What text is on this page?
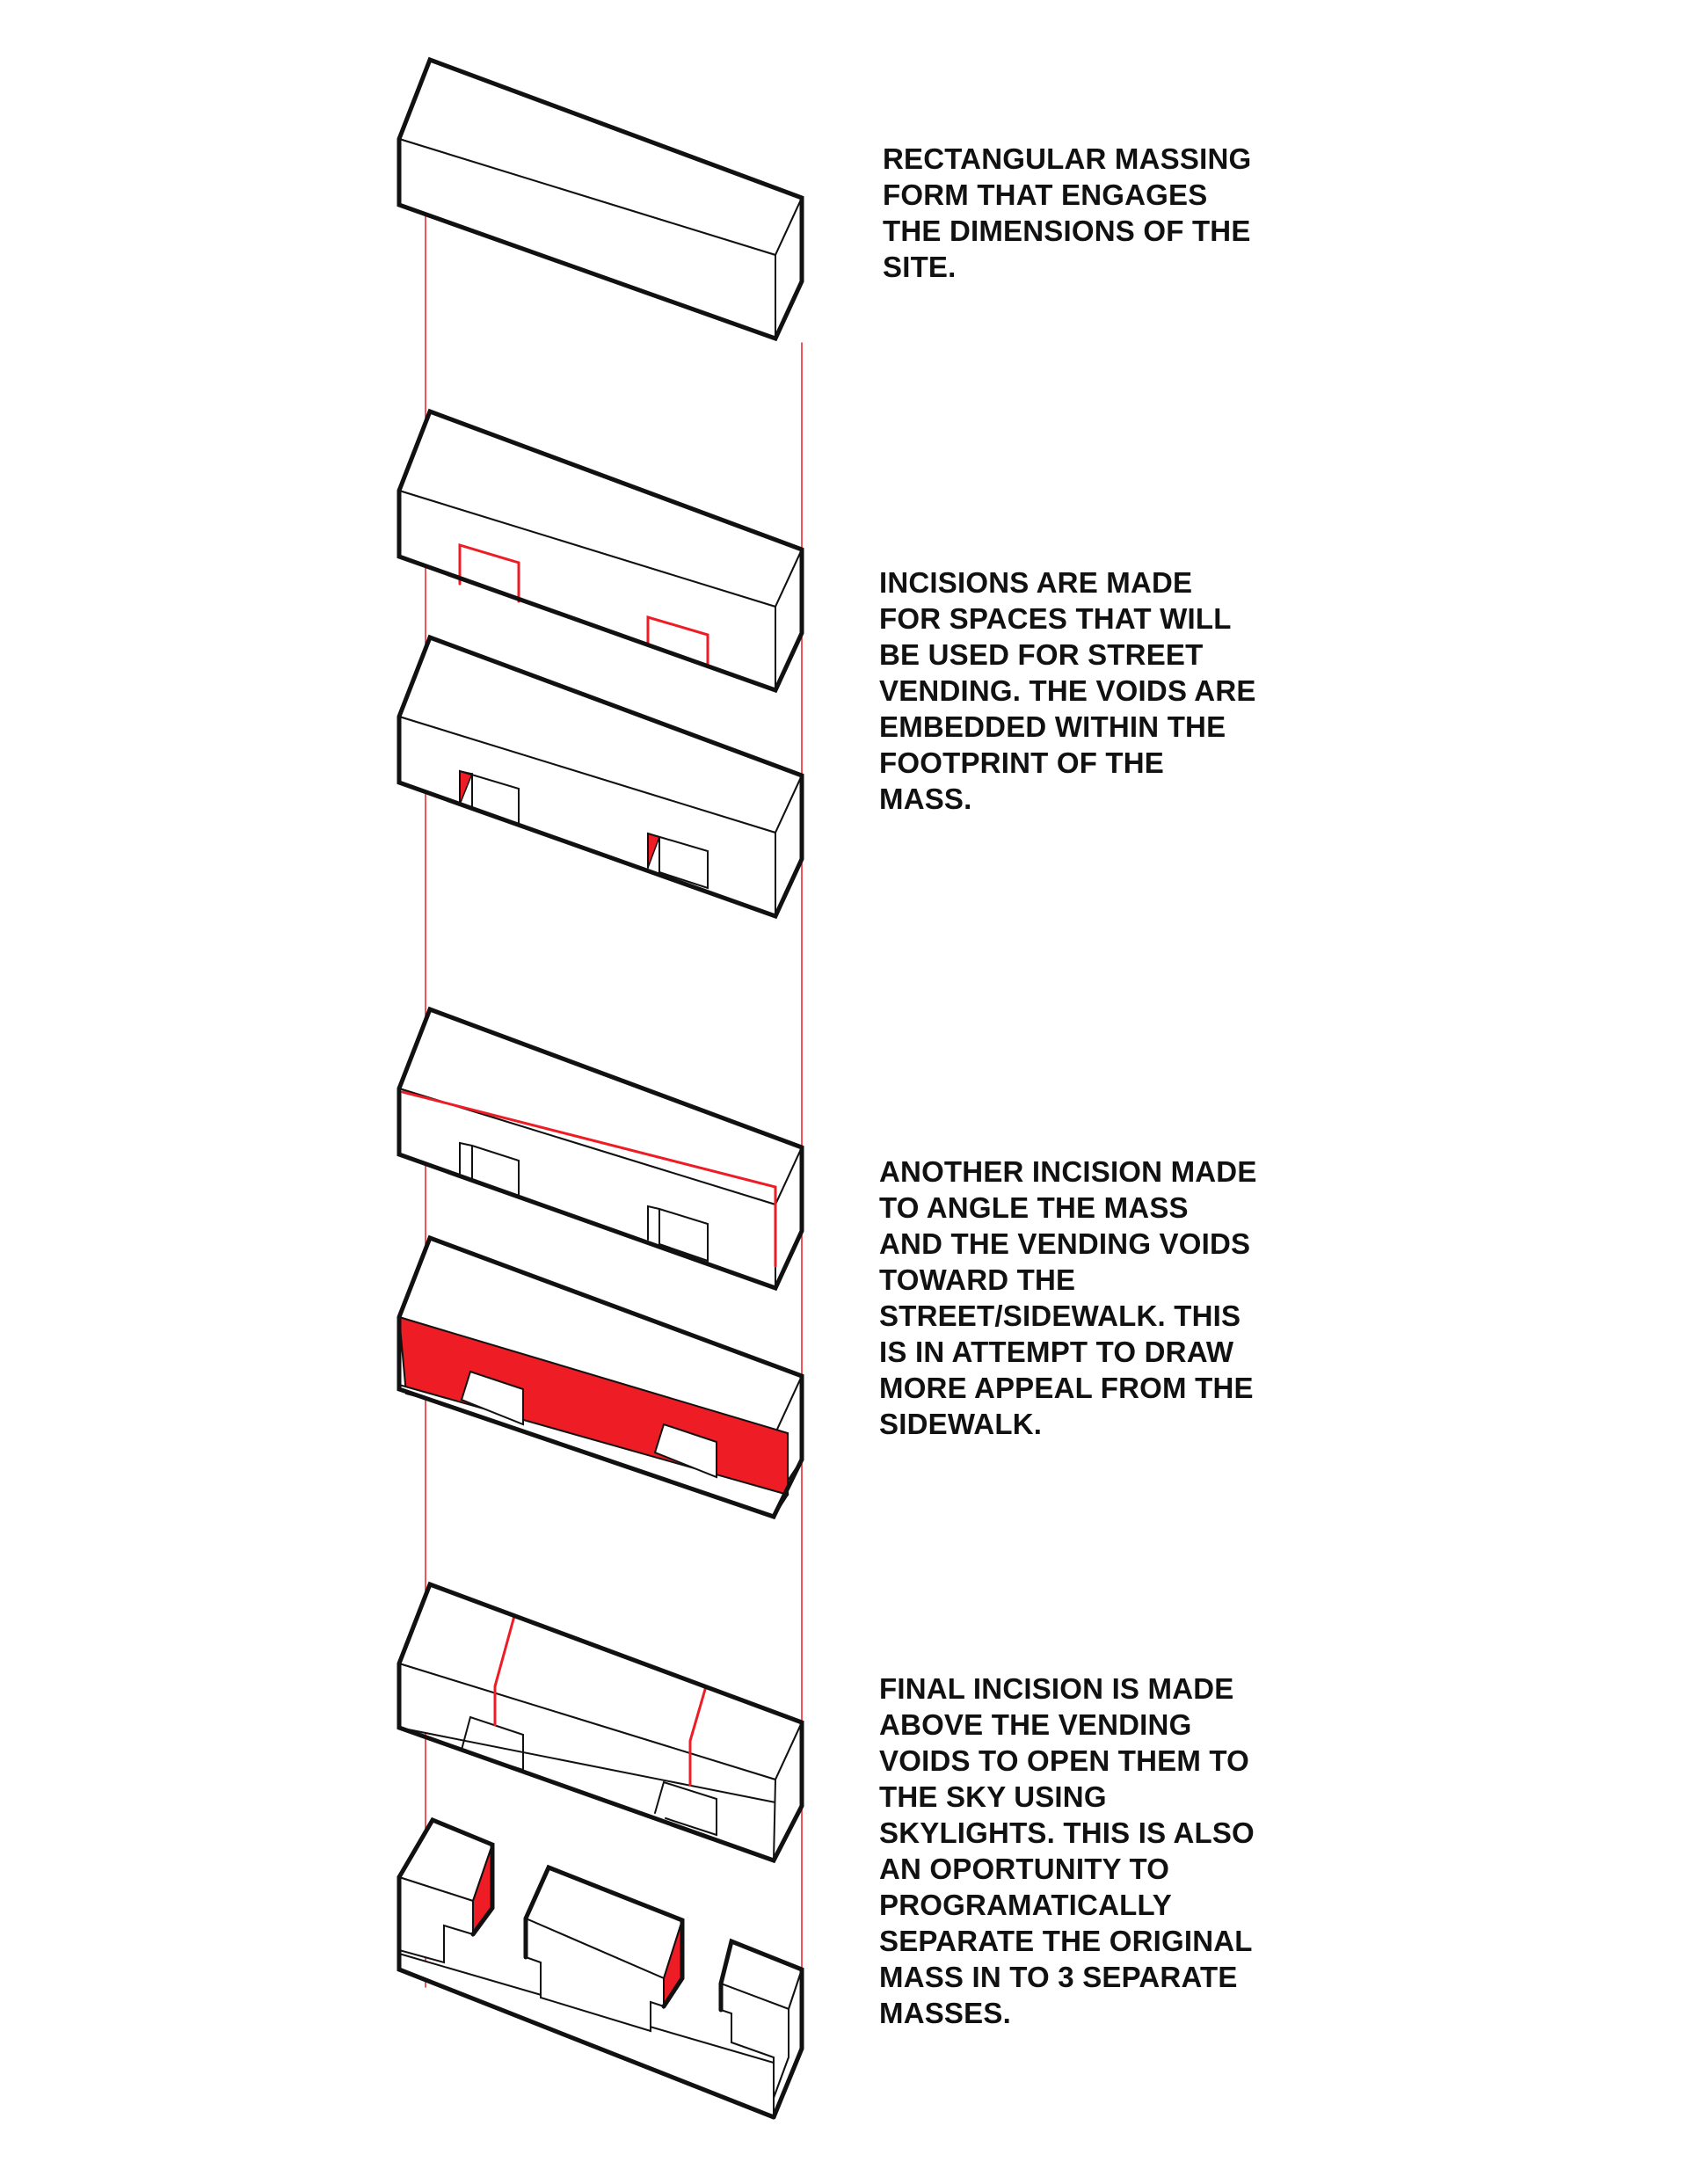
RECTANGULAR MASSING
FORM THAT ENGAGES
THE DIMENSIONS OF THE
SITE.

INCISIONS ARE MADE
FOR SPACES THAT WILL
BE USED FOR STREET
VENDING. THE VOIDS ARE
EMBEDDED WITHIN THE
FOOTPRINT OF THE
MASS.

ANOTHER INCISION MADE
TO ANGLE THE MASS
AND THE VENDING VOIDS
TOWARD THE
STREET/SIDEWALK. THIS
IS IN ATTEMPT TO DRAW
MORE APPEAL FROM THE
SIDEWALK.

FINAL INCISION IS MADE
ABOVE THE VENDING
VOIDS TO OPEN THEM TO
THE SKY USING
SKYLIGHTS. THIS IS ALSO
AN OPORTUNITY TO
PROGRAMATICALLY
SEPARATE THE ORIGINAL
MASS IN TO 3 SEPARATE
MASSES.
